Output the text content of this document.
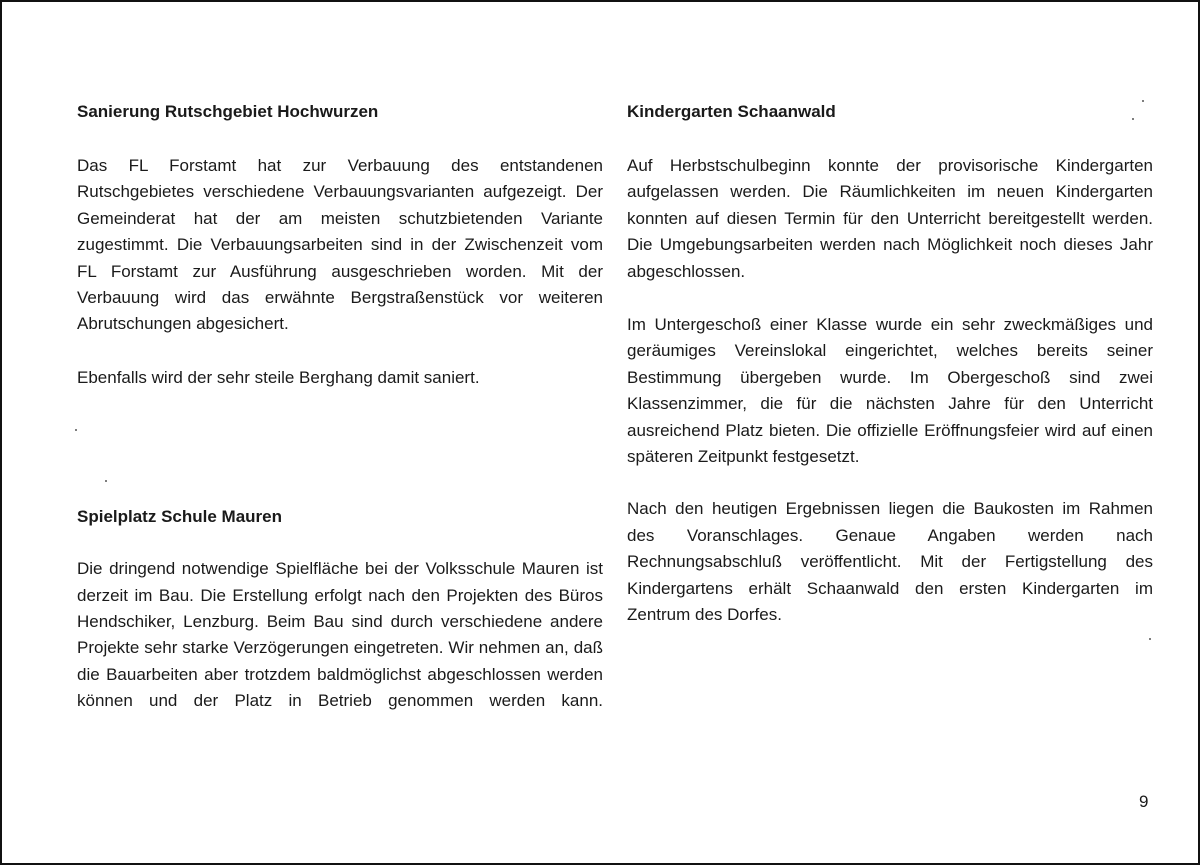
Sanierung Rutschgebiet Hochwurzen

Das FL Forstamt hat zur Verbauung des entstandenen Rutschgebietes verschiedene Verbauungsvarianten aufgezeigt. Der Gemeinderat hat der am meisten schutzbietenden Variante zugestimmt. Die Verbauungsarbeiten sind in der Zwischenzeit vom FL Forstamt zur Ausführung ausgeschrieben worden. Mit der Verbauung wird das erwähnte Bergstraßenstück vor weiteren Abrutschungen abgesichert.

Ebenfalls wird der sehr steile Berghang damit saniert.

Spielplatz Schule Mauren

Die dringend notwendige Spielfläche bei der Volksschule Mauren ist derzeit im Bau. Die Erstellung erfolgt nach den Projekten des Büros Hendschiker, Lenzburg. Beim Bau sind durch verschiedene andere Projekte sehr starke Verzögerungen eingetreten. Wir nehmen an, daß die Bauarbeiten aber trotzdem baldmöglichst abgeschlossen werden können und der Platz in Betrieb genommen werden kann.

Kindergarten Schaanwald

Auf Herbstschulbeginn konnte der provisorische Kindergarten aufgelassen werden. Die Räumlichkeiten im neuen Kindergarten konnten auf diesen Termin für den Unterricht bereitgestellt werden. Die Umgebungsarbeiten werden nach Möglichkeit noch dieses Jahr abgeschlossen.

Im Untergeschoß einer Klasse wurde ein sehr zweckmäßiges und geräumiges Vereinslokal eingerichtet, welches bereits seiner Bestimmung übergeben wurde. Im Obergeschoß sind zwei Klassenzimmer, die für die nächsten Jahre für den Unterricht ausreichend Platz bieten. Die offizielle Eröffnungsfeier wird auf einen späteren Zeitpunkt festgesetzt.

Nach den heutigen Ergebnissen liegen die Baukosten im Rahmen des Voranschlages. Genaue Angaben werden nach Rechnungsabschluß veröffentlicht. Mit der Fertigstellung des Kindergartens erhält Schaanwald den ersten Kindergarten im Zentrum des Dorfes.

9
